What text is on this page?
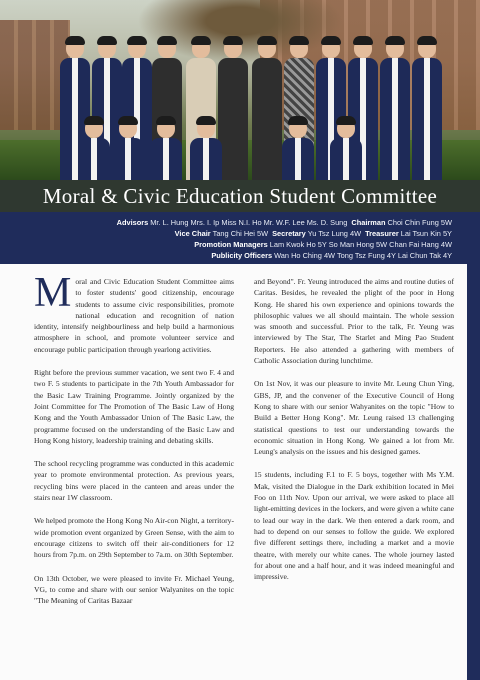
Moral & Civic Education Student Committee
Advisors Mr. L. Hung Mrs. I. Ip Miss N.I. Ho Mr. W.F. Lee Ms. D. Sung Chairman Choi Chin Fung 5W
Vice Chair Tang Chi Hei 5W Secretary Yu Tsz Lung 4W Treasurer Lai Tsun Kin 5Y
Promotion Managers Lam Kwok Ho 5Y So Man Hong 5W Chan Fai Hang 4W
Publicity Officers Wan Ho Ching 4W Tong Tsz Fung 4Y Lai Chun Tak 4Y

Moral and Civic Education Student Committee aims to foster students' good citizenship, encourage students to assume civic responsibilities, promote national education and recognition of nation identity, intensify neighbourliness and help build a harmonious atmosphere in school, and promote volunteer service and encourage public participation through yearlong activities.

Right before the previous summer vacation, we sent two F. 4 and two F. 5 students to participate in the 7th Youth Ambassador for the Basic Law Training Programme. Jointly organized by the Joint Committee for The Promotion of The Basic Law of Hong Kong and the Youth Ambassador Union of The Basic Law, the programme focused on the understanding of the Basic Law and Hong Kong history, leadership training and debating skills.

The school recycling programme was conducted in this academic year to promote environmental protection. As previous years, recycling bins were placed in the canteen and areas under the stairs near 1W classroom.

We helped promote the Hong Kong No Air-con Night, a territory-wide promotion event organized by Green Sense, with the aim to encourage citizens to switch off their air-conditioners for 12 hours from 7p.m. on 29th September to 7a.m. on 30th September.

On 13th October, we were pleased to invite Fr. Michael Yeung, VG, to come and share with our senior Walyanites on the topic "The Meaning of Caritas Bazaar

and Beyond". Fr. Yeung introduced the aims and routine duties of Caritas. Besides, he revealed the plight of the poor in Hong Kong. He shared his own experience and opinions towards the philosophic values we all should maintain. The whole session was smooth and successful. Prior to the talk, Fr. Yeung was interviewed by The Star, The Starlet and Ming Pao Student Reporters. He also attended a gathering with members of Catholic Association during lunchtime.

On 1st Nov, it was our pleasure to invite Mr. Leung Chun Ying, GBS, JP, and the convener of the Executive Council of Hong Kong to share with our senior Wahyanites on the topic "How to Build a Better Hong Kong". Mr. Leung raised 13 challenging statistical questions to test our understanding towards the economic situation in Hong Kong. We gained a lot from Mr. Leung's analysis on the issues and his designed games.

15 students, including F.1 to F. 5 boys, together with Ms Y.M. Mak, visited the Dialogue in the Dark exhibition located in Mei Foo on 11th Nov. Upon our arrival, we were asked to place all light-emitting devices in the lockers, and were given a white cane to lead our way in the dark. We then entered a dark room, and had to depend on our senses to follow the guide. We explored five different settings there, including a market and a movie theatre, with merely our white canes. The whole journey lasted for about one and a half hour, and it was indeed meaningful and impressive.
